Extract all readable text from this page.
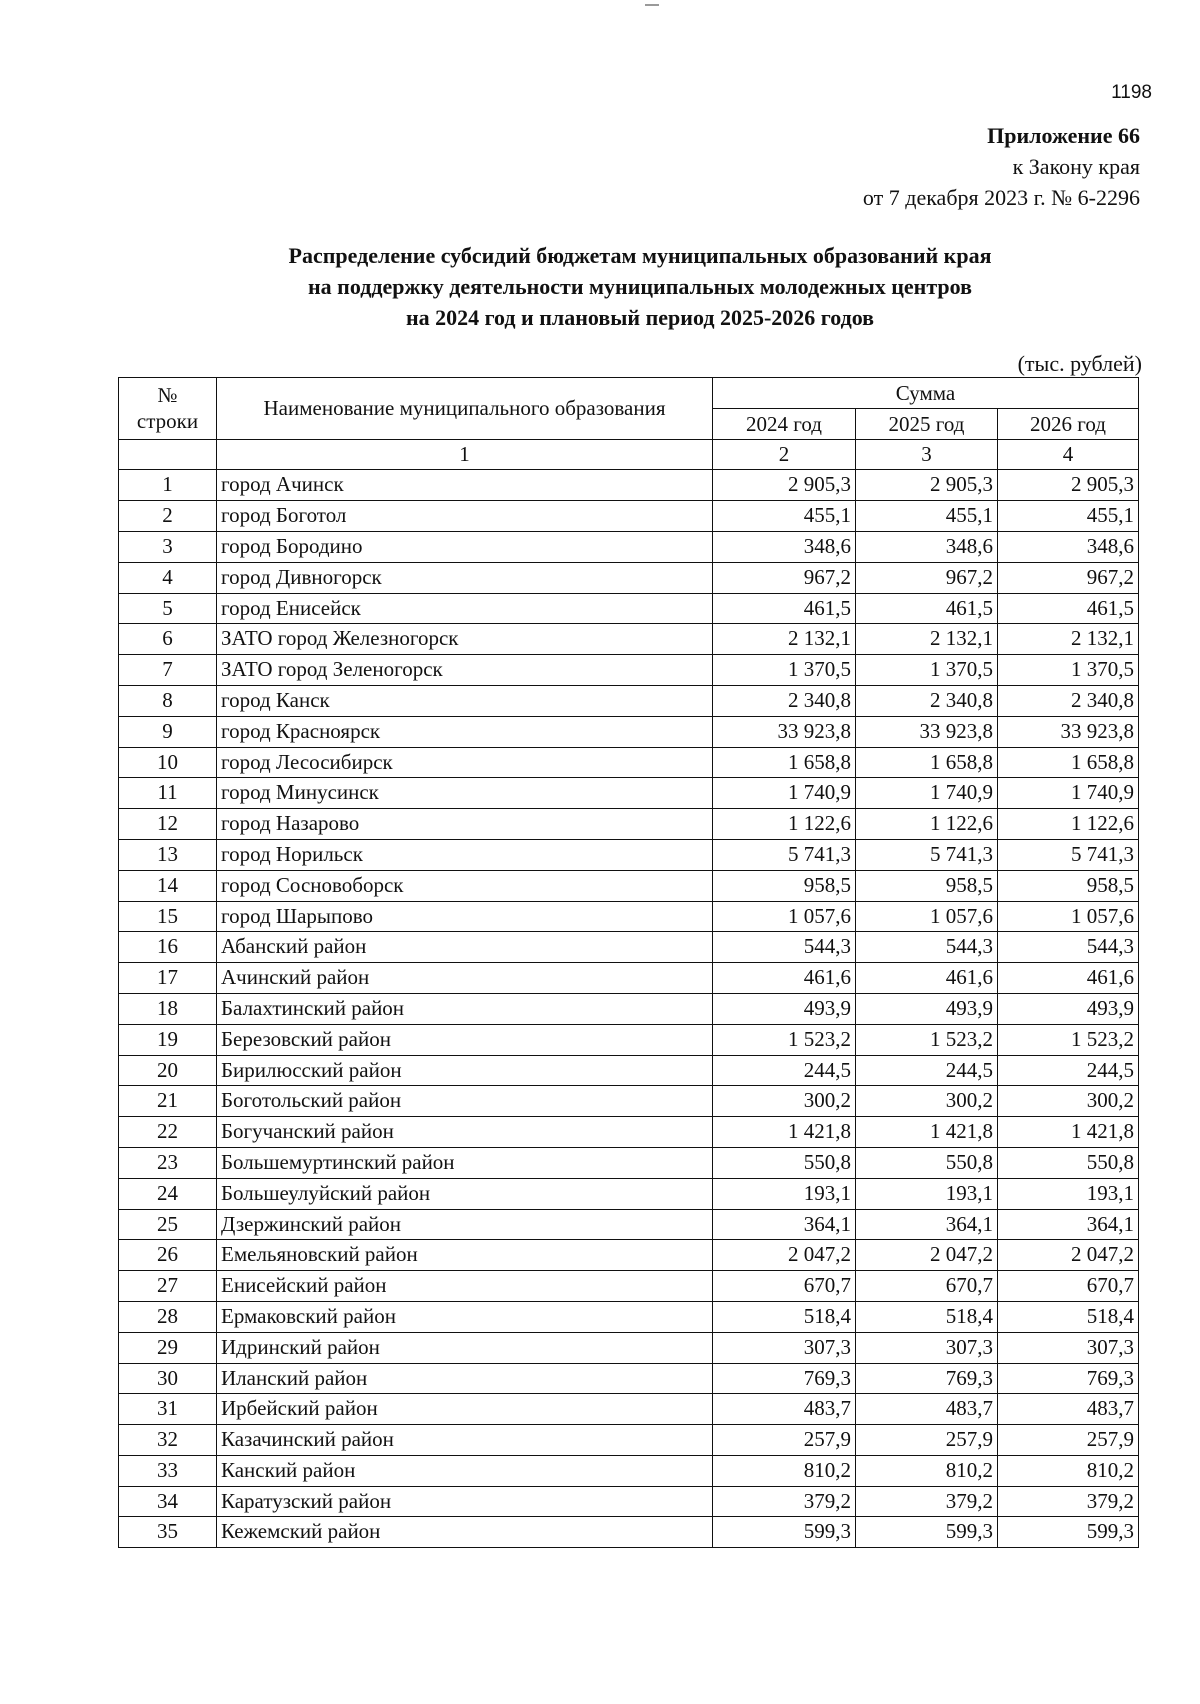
1198
Приложение 66
к Закону края
от 7 декабря 2023 г. № 6-2296
Распределение субсидий бюджетам муниципальных образований края
на поддержку деятельности муниципальных молодежных центров
на 2024 год и плановый период 2025-2026 годов
(тыс. рублей)
№
строки	Наименование муниципального образования	Сумма		
		2024 год	2025 год	2026 год
	1	2	3	4
1	город Ачинск	2 905,3	2 905,3	2 905,3
2	город Боготол	455,1	455,1	455,1
3	город Бородино	348,6	348,6	348,6
4	город Дивногорск	967,2	967,2	967,2
5	город Енисейск	461,5	461,5	461,5
6	ЗАТО город Железногорск	2 132,1	2 132,1	2 132,1
7	ЗАТО город Зеленогорск	1 370,5	1 370,5	1 370,5
8	город Канск	2 340,8	2 340,8	2 340,8
9	город Красноярск	33 923,8	33 923,8	33 923,8
10	город Лесосибирск	1 658,8	1 658,8	1 658,8
11	город Минусинск	1 740,9	1 740,9	1 740,9
12	город Назарово	1 122,6	1 122,6	1 122,6
13	город Норильск	5 741,3	5 741,3	5 741,3
14	город Сосновоборск	958,5	958,5	958,5
15	город Шарыпово	1 057,6	1 057,6	1 057,6
16	Абанский район	544,3	544,3	544,3
17	Ачинский район	461,6	461,6	461,6
18	Балахтинский район	493,9	493,9	493,9
19	Березовский район	1 523,2	1 523,2	1 523,2
20	Бирилюсский район	244,5	244,5	244,5
21	Боготольский район	300,2	300,2	300,2
22	Богучанский район	1 421,8	1 421,8	1 421,8
23	Большемуртинский район	550,8	550,8	550,8
24	Большеулуйский район	193,1	193,1	193,1
25	Дзержинский район	364,1	364,1	364,1
26	Емельяновский район	2 047,2	2 047,2	2 047,2
27	Енисейский район	670,7	670,7	670,7
28	Ермаковский район	518,4	518,4	518,4
29	Идринский район	307,3	307,3	307,3
30	Иланский район	769,3	769,3	769,3
31	Ирбейский район	483,7	483,7	483,7
32	Казачинский район	257,9	257,9	257,9
33	Канский район	810,2	810,2	810,2
34	Каратузский район	379,2	379,2	379,2
35	Кежемский район	599,3	599,3	599,3
